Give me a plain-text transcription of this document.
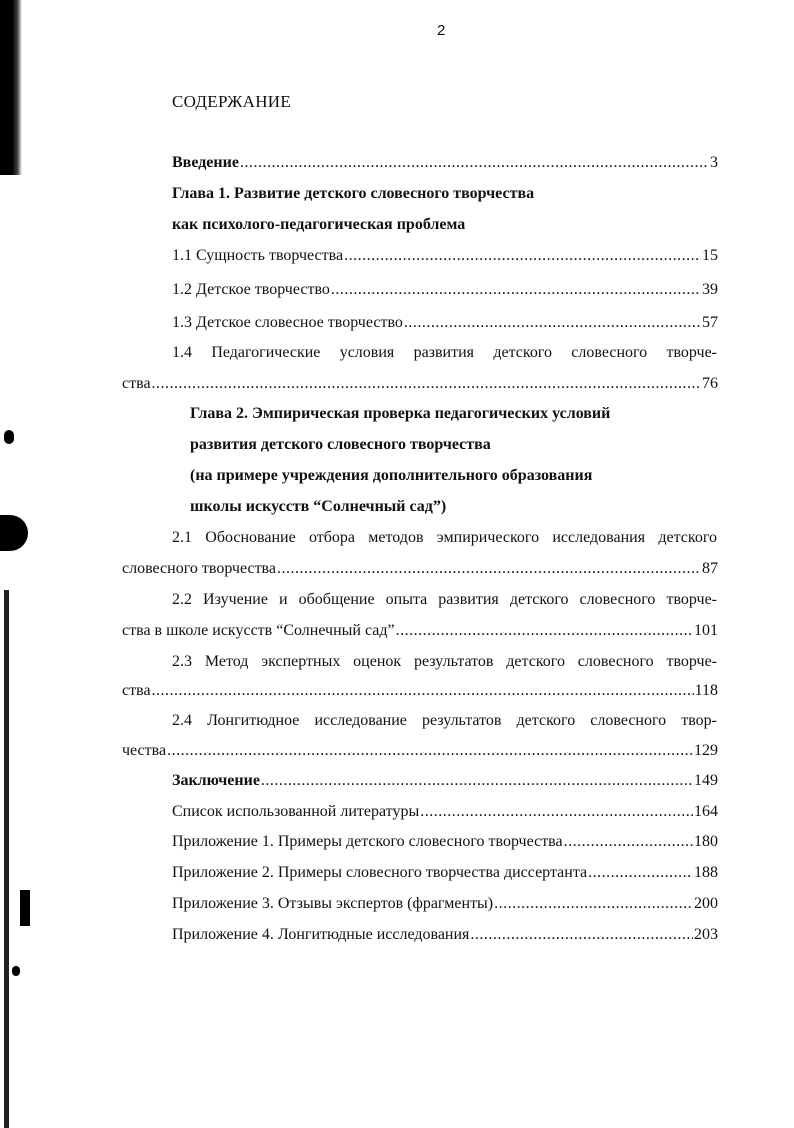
2
СОДЕРЖАНИЕ
Введение .....	3
Глава 1. Развитие детского словесного творчества
как психолого-педагогическая проблема
1.1 Сущность творчества .....	15
1.2 Детское творчество .....	39
1.3 Детское словесное творчество .....	57
1.4 Педагогические условия развития детского словесного творче-
ства .....	76
Глава 2. Эмпирическая проверка педагогических условий
развития детского словесного творчества
(на примере учреждения дополнительного образования
школы искусств “Солнечный сад”)
2.1 Обоснование отбора методов эмпирического исследования детского
словесного творчества .....	87
2.2 Изучение и обобщение опыта развития детского словесного творче-
ства в школе искусств “Солнечный сад” .....	101
2.3 Метод экспертных оценок результатов детского словесного творче-
ства .....	118
2.4 Лонгитюдное исследование результатов детского словесного твор-
чества .....	129
Заключение .....	149
Список использованной литературы .....	164
Приложение 1. Примеры детского словесного творчества .....	180
Приложение 2. Примеры словесного творчества диссертанта .....	188
Приложение 3. Отзывы экспертов (фрагменты) .....	200
Приложение 4. Лонгитюдные исследования .....	203
